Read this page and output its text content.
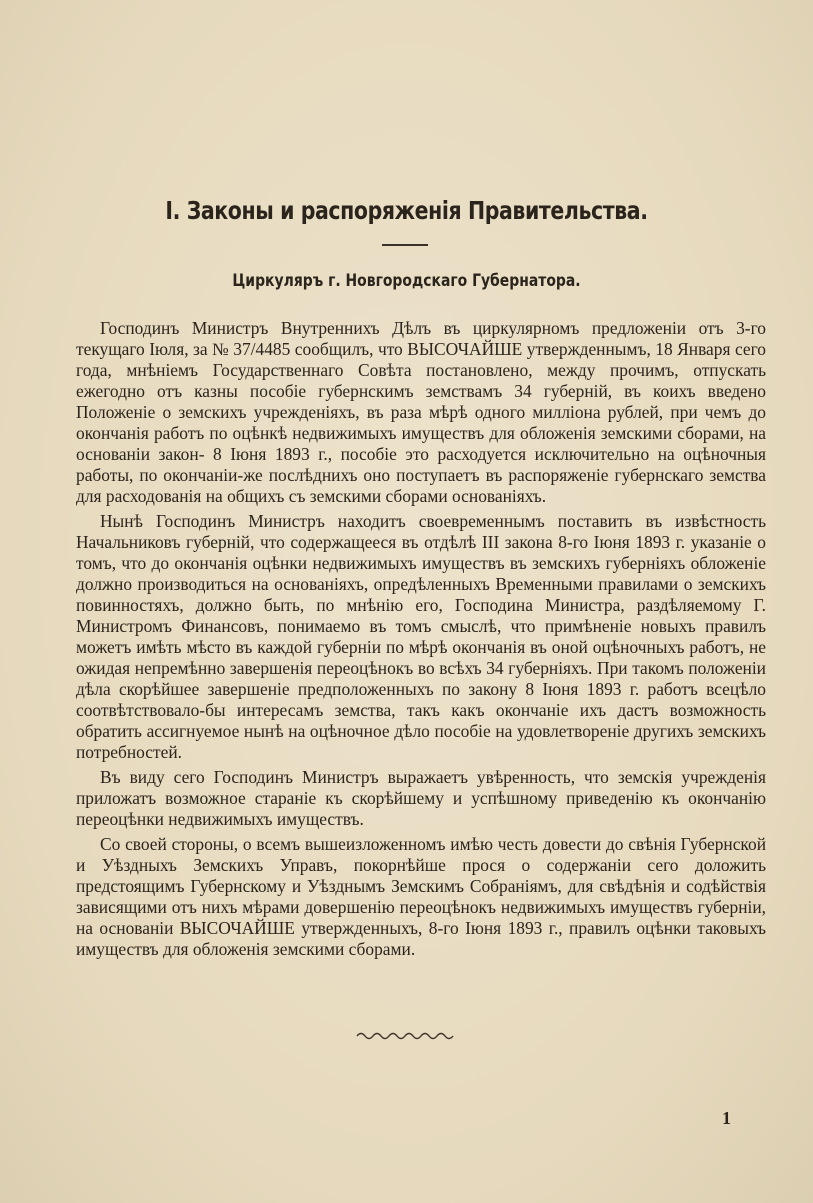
I. Законы и распоряженія Правительства.
Циркуляръ г. Новгородскаго Губернатора.

Господинъ Министръ Внутреннихъ Дѣлъ въ циркулярномъ предложеніи отъ 3-го текущаго Іюля, за № 37/4485 сообщилъ, что ВЫСОЧАЙШЕ утвержденнымъ, 18 Января сего года, мнѣніемъ Государственнаго Совѣта постановлено, между прочимъ, отпускать ежегодно отъ казны пособіе губернскимъ земствамъ 34 губерній, въ коихъ введено Положеніе о земскихъ учрежденіяхъ, въ раза мѣрѣ одного милліона рублей, при чемъ до окончанія работъ по оцѣнкѣ недвижимыхъ имуществъ для обложенія земскими сборами, на основаніи закон- 8 Іюня 1893 г., пособіе это расходуется исключительно на оцѣночныя работы, по окончаніи-же послѣднихъ оно поступаетъ въ распоряженіе губернскаго земства для расходованія на общихъ съ земскими сборами основаніяхъ.

Нынѣ Господинъ Министръ находитъ своевременнымъ поставить въ извѣстность Начальниковъ губерній, что содержащееся въ отдѣлѣ III закона 8-го Іюня 1893 г. указаніе о томъ, что до окончанія оцѣнки недвижимыхъ имуществъ въ земскихъ губерніяхъ обложеніе должно производиться на основаніяхъ, опредѣленныхъ Временными правилами о земскихъ повинностяхъ, должно быть, по мнѣнію его, Господина Министра, раздѣляемому Г. Министромъ Финансовъ, понимаемо въ томъ смыслѣ, что примѣненіе новыхъ правилъ можетъ имѣть мѣсто въ каждой губерніи по мѣрѣ окончанія въ оной оцѣночныхъ работъ, не ожидая непремѣнно завершенія переоцѣнокъ во всѣхъ 34 губерніяхъ. При такомъ положеніи дѣла скорѣйшее завершеніе предположенныхъ по закону 8 Іюня 1893 г. работъ всецѣло соотвѣтствовало-бы интересамъ земства, такъ какъ окончаніе ихъ дастъ возможность обратить ассигнуемое нынѣ на оцѣночное дѣло пособіе на удовлетвореніе другихъ земскихъ потребностей.

Въ виду сего Господинъ Министръ выражаетъ увѣренность, что земскія учрежденія приложатъ возможное стараніе къ скорѣйшему и успѣшному приведенію къ окончанію переоцѣнки недвижимыхъ имуществъ.

Со своей стороны, о всемъ вышеизложенномъ имѣю честь довести до свѣнія Губернской и Уѣздныхъ Земскихъ Управъ, покорнѣйше прося о содержаніи сего доложить предстоящимъ Губернскому и Уѣзднымъ Земскимъ Собраніямъ, для свѣдѣнія и содѣйствія зависящими отъ нихъ мѣрами довершенію переоцѣнокъ недвижимыхъ имуществъ губерніи, на основаніи ВЫСОЧАЙШЕ утвержденныхъ, 8-го Іюня 1893 г., правилъ оцѣнки таковыхъ имуществъ для обложенія земскими сборами.

1
